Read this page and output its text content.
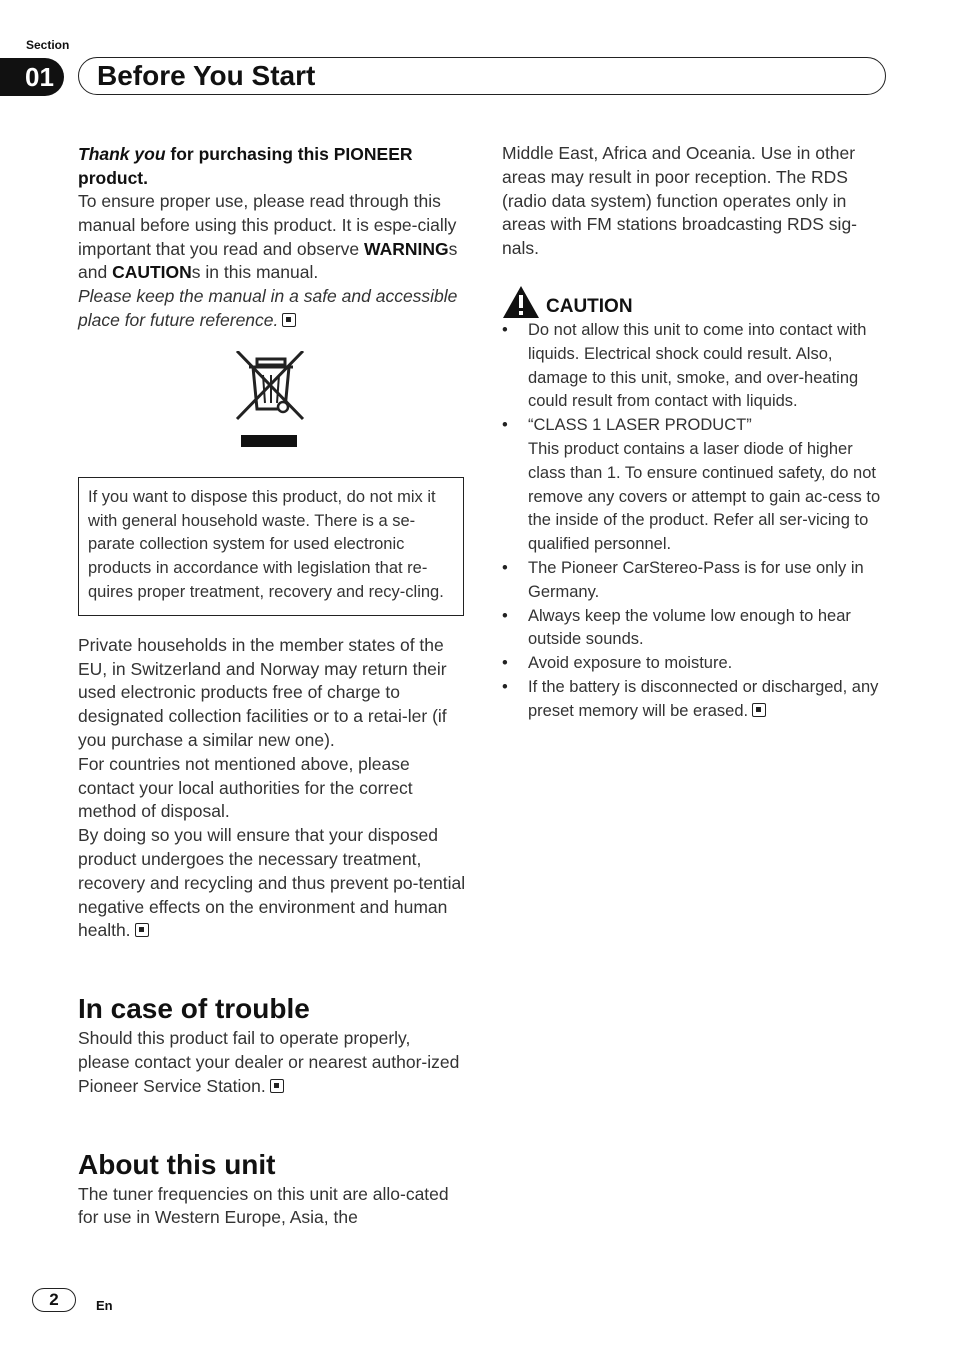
Section
01	Before You Start

Thank you for purchasing this PIONEER
product.

To ensure proper use, please read through this manual before using this product. It is espe-cially important that you read and observe WARNINGs and CAUTIONs in this manual.

Please keep the manual in a safe and accessible place for future reference.

If you want to dispose this product, do not mix it with general household waste. There is a se-parate collection system for used electronic products in accordance with legislation that re-quires proper treatment, recovery and recy-cling.

Private households in the member states of the EU, in Switzerland and Norway may return their used electronic products free of charge to designated collection facilities or to a retai-ler (if you purchase a similar new one).

For countries not mentioned above, please contact your local authorities for the correct method of disposal.

By doing so you will ensure that your disposed product undergoes the necessary treatment, recovery and recycling and thus prevent po-tential negative effects on the environment and human health.

In case of trouble

Should this product fail to operate properly, please contact your dealer or nearest author-ized Pioneer Service Station.

About this unit

The tuner frequencies on this unit are allo-cated for use in Western Europe, Asia, the

Middle East, Africa and Oceania. Use in other areas may result in poor reception. The RDS (radio data system) function operates only in areas with FM stations broadcasting RDS sig-nals.

CAUTION
• Do not allow this unit to come into contact with liquids. Electrical shock could result. Also, damage to this unit, smoke, and over-heating could result from contact with liquids.
• “CLASS 1 LASER PRODUCT”
This product contains a laser diode of higher class than 1. To ensure continued safety, do not remove any covers or attempt to gain ac-cess to the inside of the product. Refer all ser-vicing to qualified personnel.
• The Pioneer CarStereo-Pass is for use only in Germany.
• Always keep the volume low enough to hear outside sounds.
• Avoid exposure to moisture.
• If the battery is disconnected or discharged, any preset memory will be erased.
2	En
